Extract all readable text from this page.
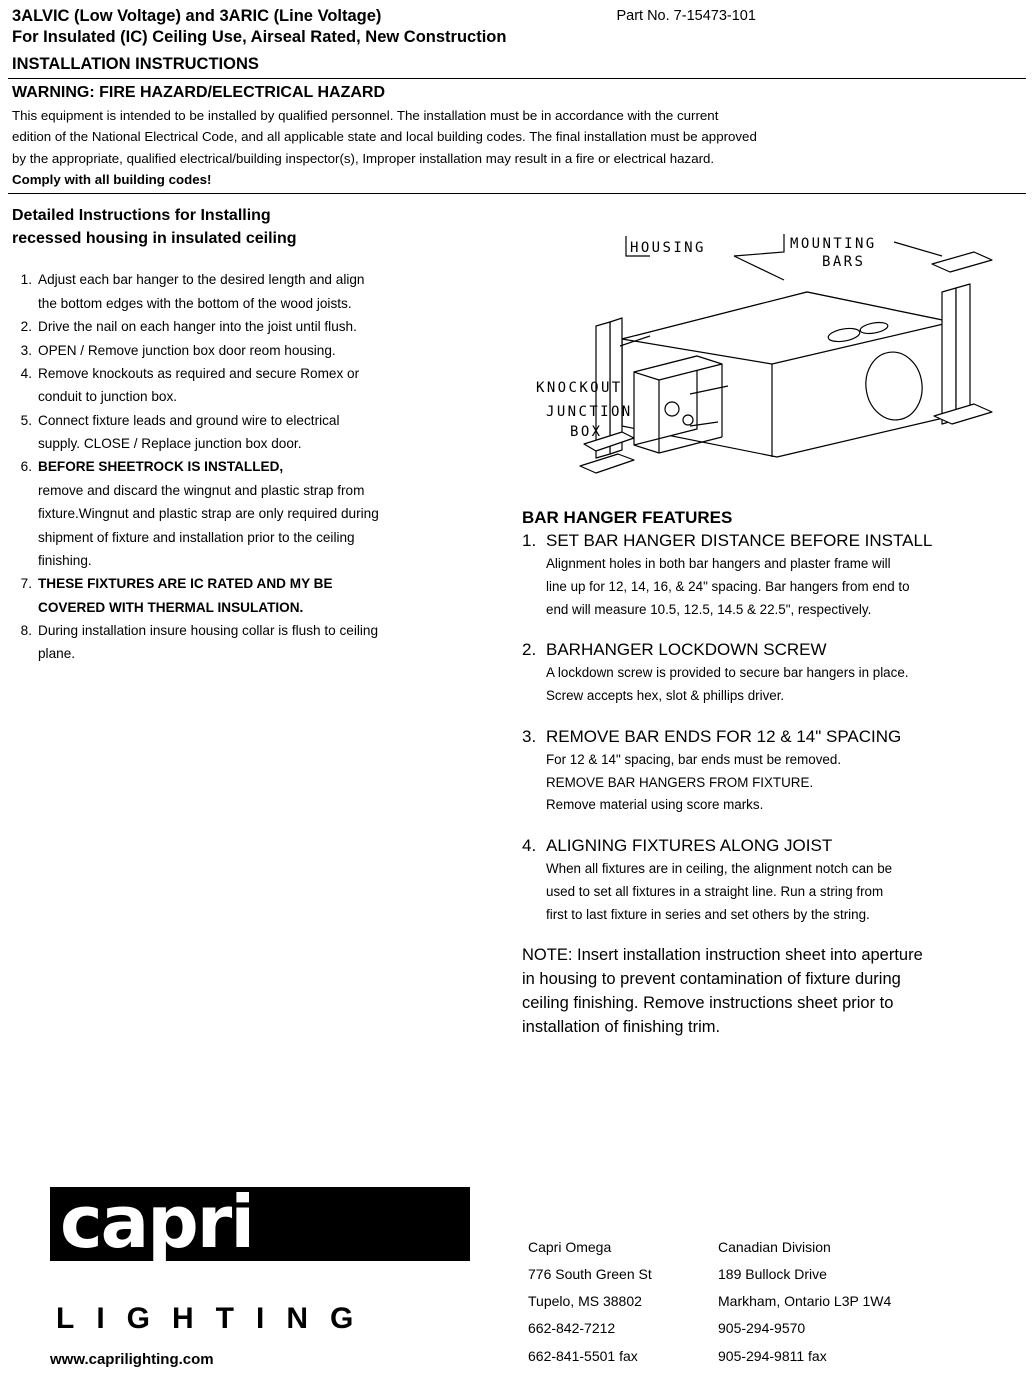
3ALVIC (Low Voltage) and 3ARIC (Line Voltage)
For Insulated (IC) Ceiling Use, Airseal Rated, New Construction
Part No. 7-15473-101
INSTALLATION INSTRUCTIONS
WARNING: FIRE HAZARD/ELECTRICAL HAZARD
This equipment is intended to be installed by qualified personnel. The installation must be in accordance with the current
edition of the National Electrical Code, and all applicable state and local building codes. The final installation must be approved
by the appropriate, qualified electrical/building inspector(s), Improper installation may result in a fire or electrical hazard.
Comply with all building codes!
Detailed Instructions for Installing
recessed housing in insulated ceiling
1. Adjust each bar hanger to the desired length and align
the bottom edges with the bottom of the wood joists.
2. Drive the nail on each hanger into the joist until flush.
3. OPEN / Remove junction box door reom housing.
4. Remove knockouts as required and secure Romex or
conduit to junction box.
5. Connect fixture leads and ground wire to electrical
supply. CLOSE / Replace junction box door.
6. BEFORE SHEETROCK IS INSTALLED,
remove and discard the wingnut and plastic strap from
fixture.Wingnut and plastic strap are only required during
shipment of fixture and installation prior to the ceiling
finishing.
7. THESE FIXTURES ARE IC RATED AND MY BE
COVERED WITH THERMAL INSULATION.
8. During installation insure housing collar is flush to ceiling
plane.
MOUNTING
BARS
HOUSING
KNOCKOUT
JUNCTION
BOX
BAR HANGER FEATURES
1. SET BAR HANGER DISTANCE BEFORE INSTALL
Alignment holes in both bar hangers and plaster frame will
line up for 12, 14, 16, & 24" spacing. Bar hangers from end to
end will measure 10.5, 12.5, 14.5 & 22.5", respectively.
2. BARHANGER LOCKDOWN SCREW
A lockdown screw is provided to secure bar hangers in place.
Screw accepts hex, slot & phillips driver.
3. REMOVE BAR ENDS FOR 12 & 14" SPACING
For 12 & 14" spacing, bar ends must be removed.
REMOVE BAR HANGERS FROM FIXTURE.
Remove material using score marks.
4. ALIGNING FIXTURES ALONG JOIST
When all fixtures are in ceiling, the alignment notch can be
used to set all fixtures in a straight line. Run a string from
first to last fixture in series and set others by the string.
NOTE: Insert installation instruction sheet into aperture
in housing to prevent contamination of fixture during
ceiling finishing. Remove instructions sheet prior to
installation of finishing trim.
capri
LIGHTING
www.caprilighting.com
Capri Omega
776 South Green St
Tupelo, MS 38802
662-842-7212
662-841-5501 fax
Canadian Division
189 Bullock Drive
Markham, Ontario L3P 1W4
905-294-9570
905-294-9811 fax
